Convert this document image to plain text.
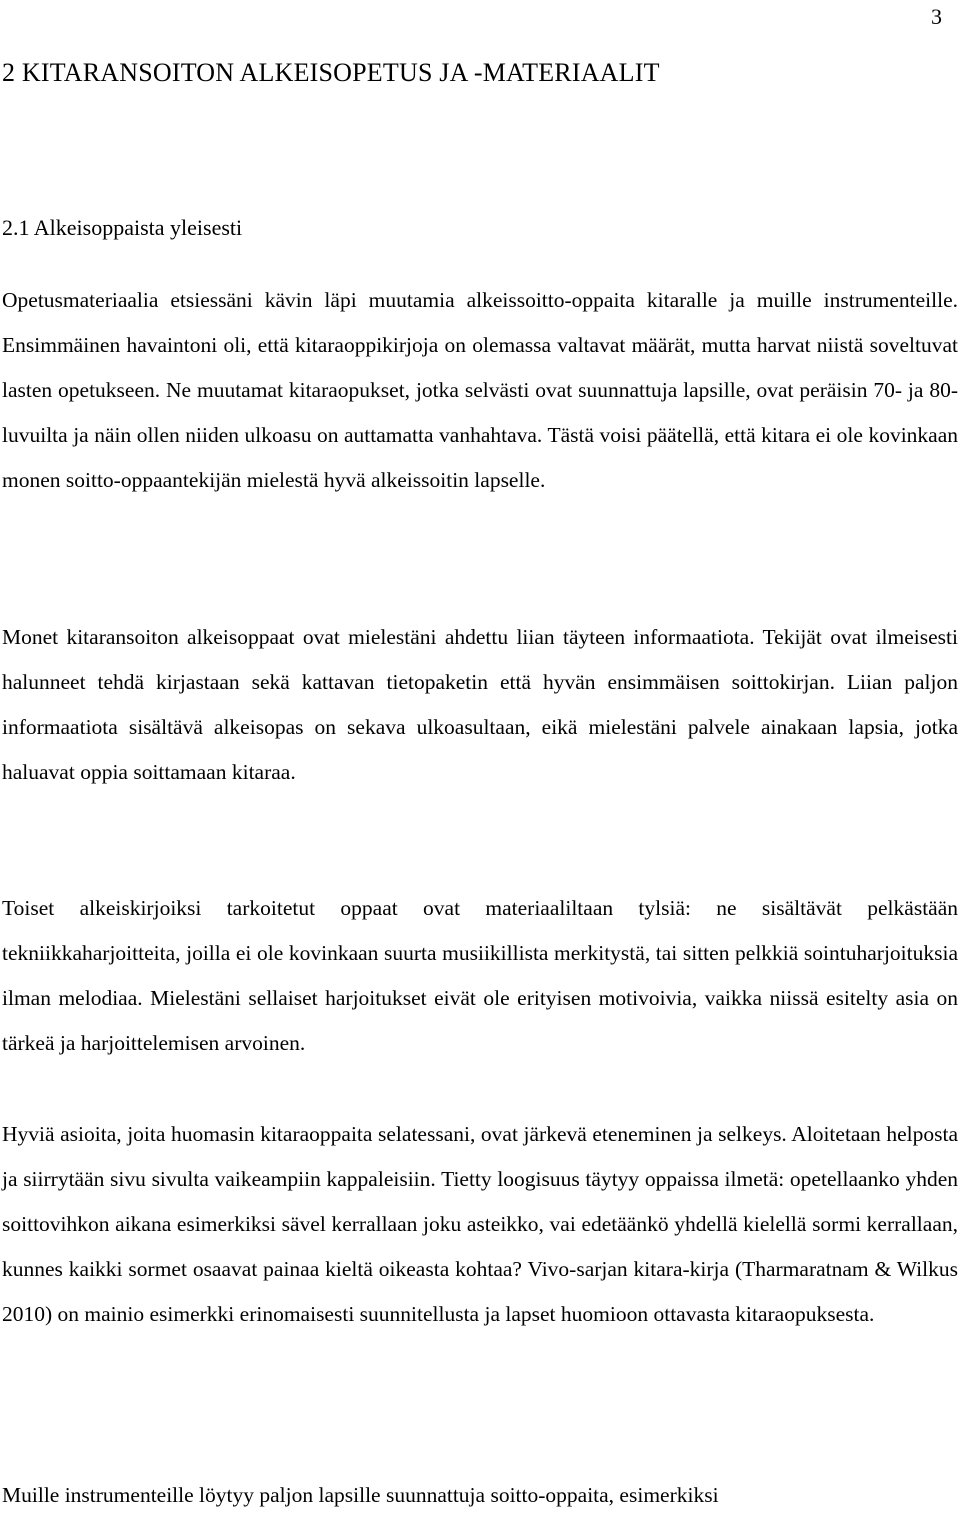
3
2 KITARANSOITON ALKEISOPETUS JA -MATERIAALIT
2.1 Alkeisoppaista yleisesti

Opetusmateriaalia etsiessäni kävin läpi muutamia alkeissoitto-oppaita kitaralle ja muille instrumenteille. Ensimmäinen havaintoni oli, että kitaraoppikirjoja on olemassa valtavat määrät, mutta harvat niistä soveltuvat lasten opetukseen. Ne muutamat kitaraopukset, jotka selvästi ovat suunnattuja lapsille, ovat peräisin 70- ja 80-luvuilta ja näin ollen niiden ulkoasu on auttamatta vanhahtava. Tästä voisi päätellä, että kitara ei ole kovinkaan monen soitto-oppaantekijän mielestä hyvä alkeissoitin lapselle.

Monet kitaransoiton alkeisoppaat ovat mielestäni ahdettu liian täyteen informaatiota. Tekijät ovat ilmeisesti halunneet tehdä kirjastaan sekä kattavan tietopaketin että hyvän ensimmäisen soittokirjan. Liian paljon informaatiota sisältävä alkeisopas on sekava ulkoasultaan, eikä mielestäni palvele ainakaan lapsia, jotka haluavat oppia soittamaan kitaraa.

Toiset alkeiskirjoiksi tarkoitetut oppaat ovat materiaaliltaan tylsiä: ne sisältävät pelkästään tekniikkaharjoitteita, joilla ei ole kovinkaan suurta musiikillista merkitystä, tai sitten pelkkiä sointuharjoituksia ilman melodiaa. Mielestäni sellaiset harjoitukset eivät ole erityisen motivoivia, vaikka niissä esitelty asia on tärkeä ja harjoittelemisen arvoinen.

Hyviä asioita, joita huomasin kitaraoppaita selatessani, ovat järkevä eteneminen ja selkeys. Aloitetaan helposta ja siirrytään sivu sivulta vaikeampiin kappaleisiin. Tietty loogisuus täytyy oppaissa ilmetä: opetellaanko yhden soittovihkon aikana esimerkiksi sävel kerrallaan joku asteikko, vai edetäänkö yhdellä kielellä sormi kerrallaan, kunnes kaikki sormet osaavat painaa kieltä oikeasta kohtaa? Vivo-sarjan kitara-kirja (Tharmaratnam & Wilkus 2010) on mainio esimerkki erinomaisesti suunnitellusta ja lapset huomioon ottavasta kitaraopuksesta.

Muille instrumenteille löytyy paljon lapsille suunnattuja soitto-oppaita, esimerkiksi
